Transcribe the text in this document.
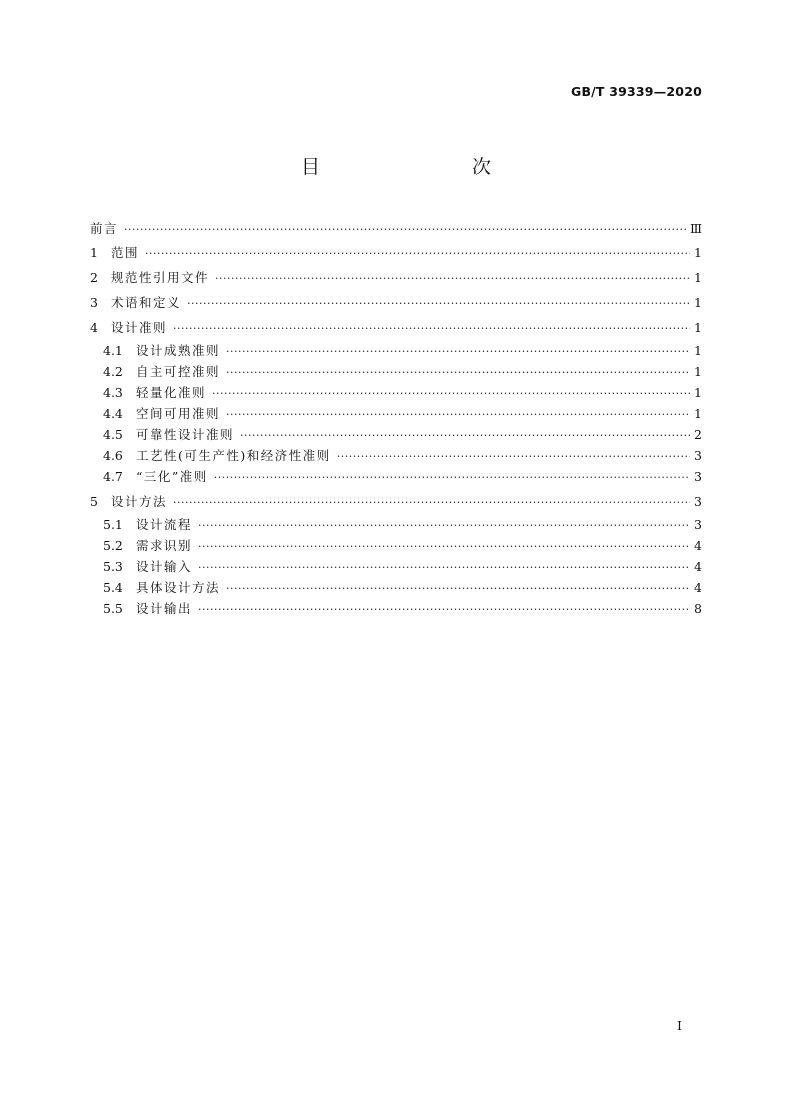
GB/T 39339—2020
目　　次
前言 ·····	Ⅲ
1	范围 ·····	1
2	规范性引用文件 ·····	1
3	术语和定义 ·····	1
4	设计准则 ·····	1
4.1	设计成熟准则 ·····	1
4.2	自主可控准则 ·····	1
4.3	轻量化准则 ·····	1
4.4	空间可用准则 ·····	1
4.5	可靠性设计准则 ·····	2
4.6	工艺性(可生产性)和经济性准则 ·····	3
4.7	“三化”准则 ·····	3
5	设计方法 ·····	3
5.1	设计流程 ·····	3
5.2	需求识别 ·····	4
5.3	设计输入 ·····	4
5.4	具体设计方法 ·····	4
5.5	设计输出 ·····	8
Ⅰ
